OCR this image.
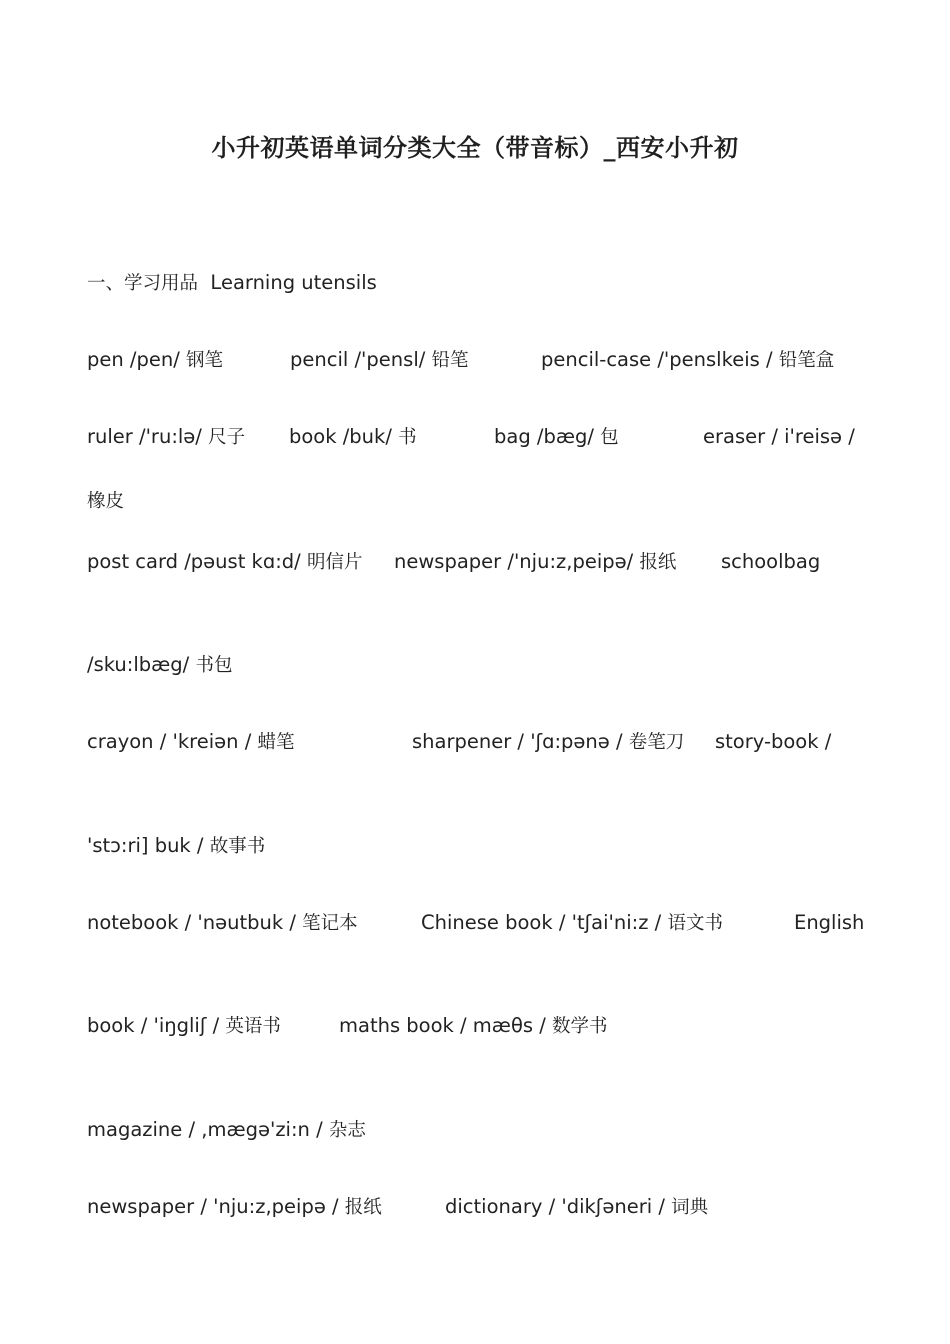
小升初英语单词分类大全（带音标）_西安小升初
一、学习用品 Learning utensils
pen /pen/ 钢笔	pencil /'pensl/ 铅笔	pencil-case /'penslkeis / 铅笔盒
ruler /'ru:lə/ 尺子 book /buk/ 书	bag /bæg/ 包	eraser / i'reisə /
橡皮
post card /pəust kɑ:d/ 明信片 newspaper /'nju:z,peipə/ 报纸 schoolbag
/sku:lbæg/ 书包
crayon / 'kreiən / 蜡笔	sharpener / 'ʃɑ:pənə / 卷笔刀 story-book /
'stɔ:ri] buk / 故事书
notebook / 'nəutbuk / 笔记本	Chinese book / 'tʃai'ni:z / 语文书	English
book / 'iŋgliʃ / 英语书	maths book / mæθs / 数学书
magazine / ,mægə'zi:n / 杂志
newspaper / 'nju:z,peipə / 报纸	dictionary / 'dikʃəneri / 词典
